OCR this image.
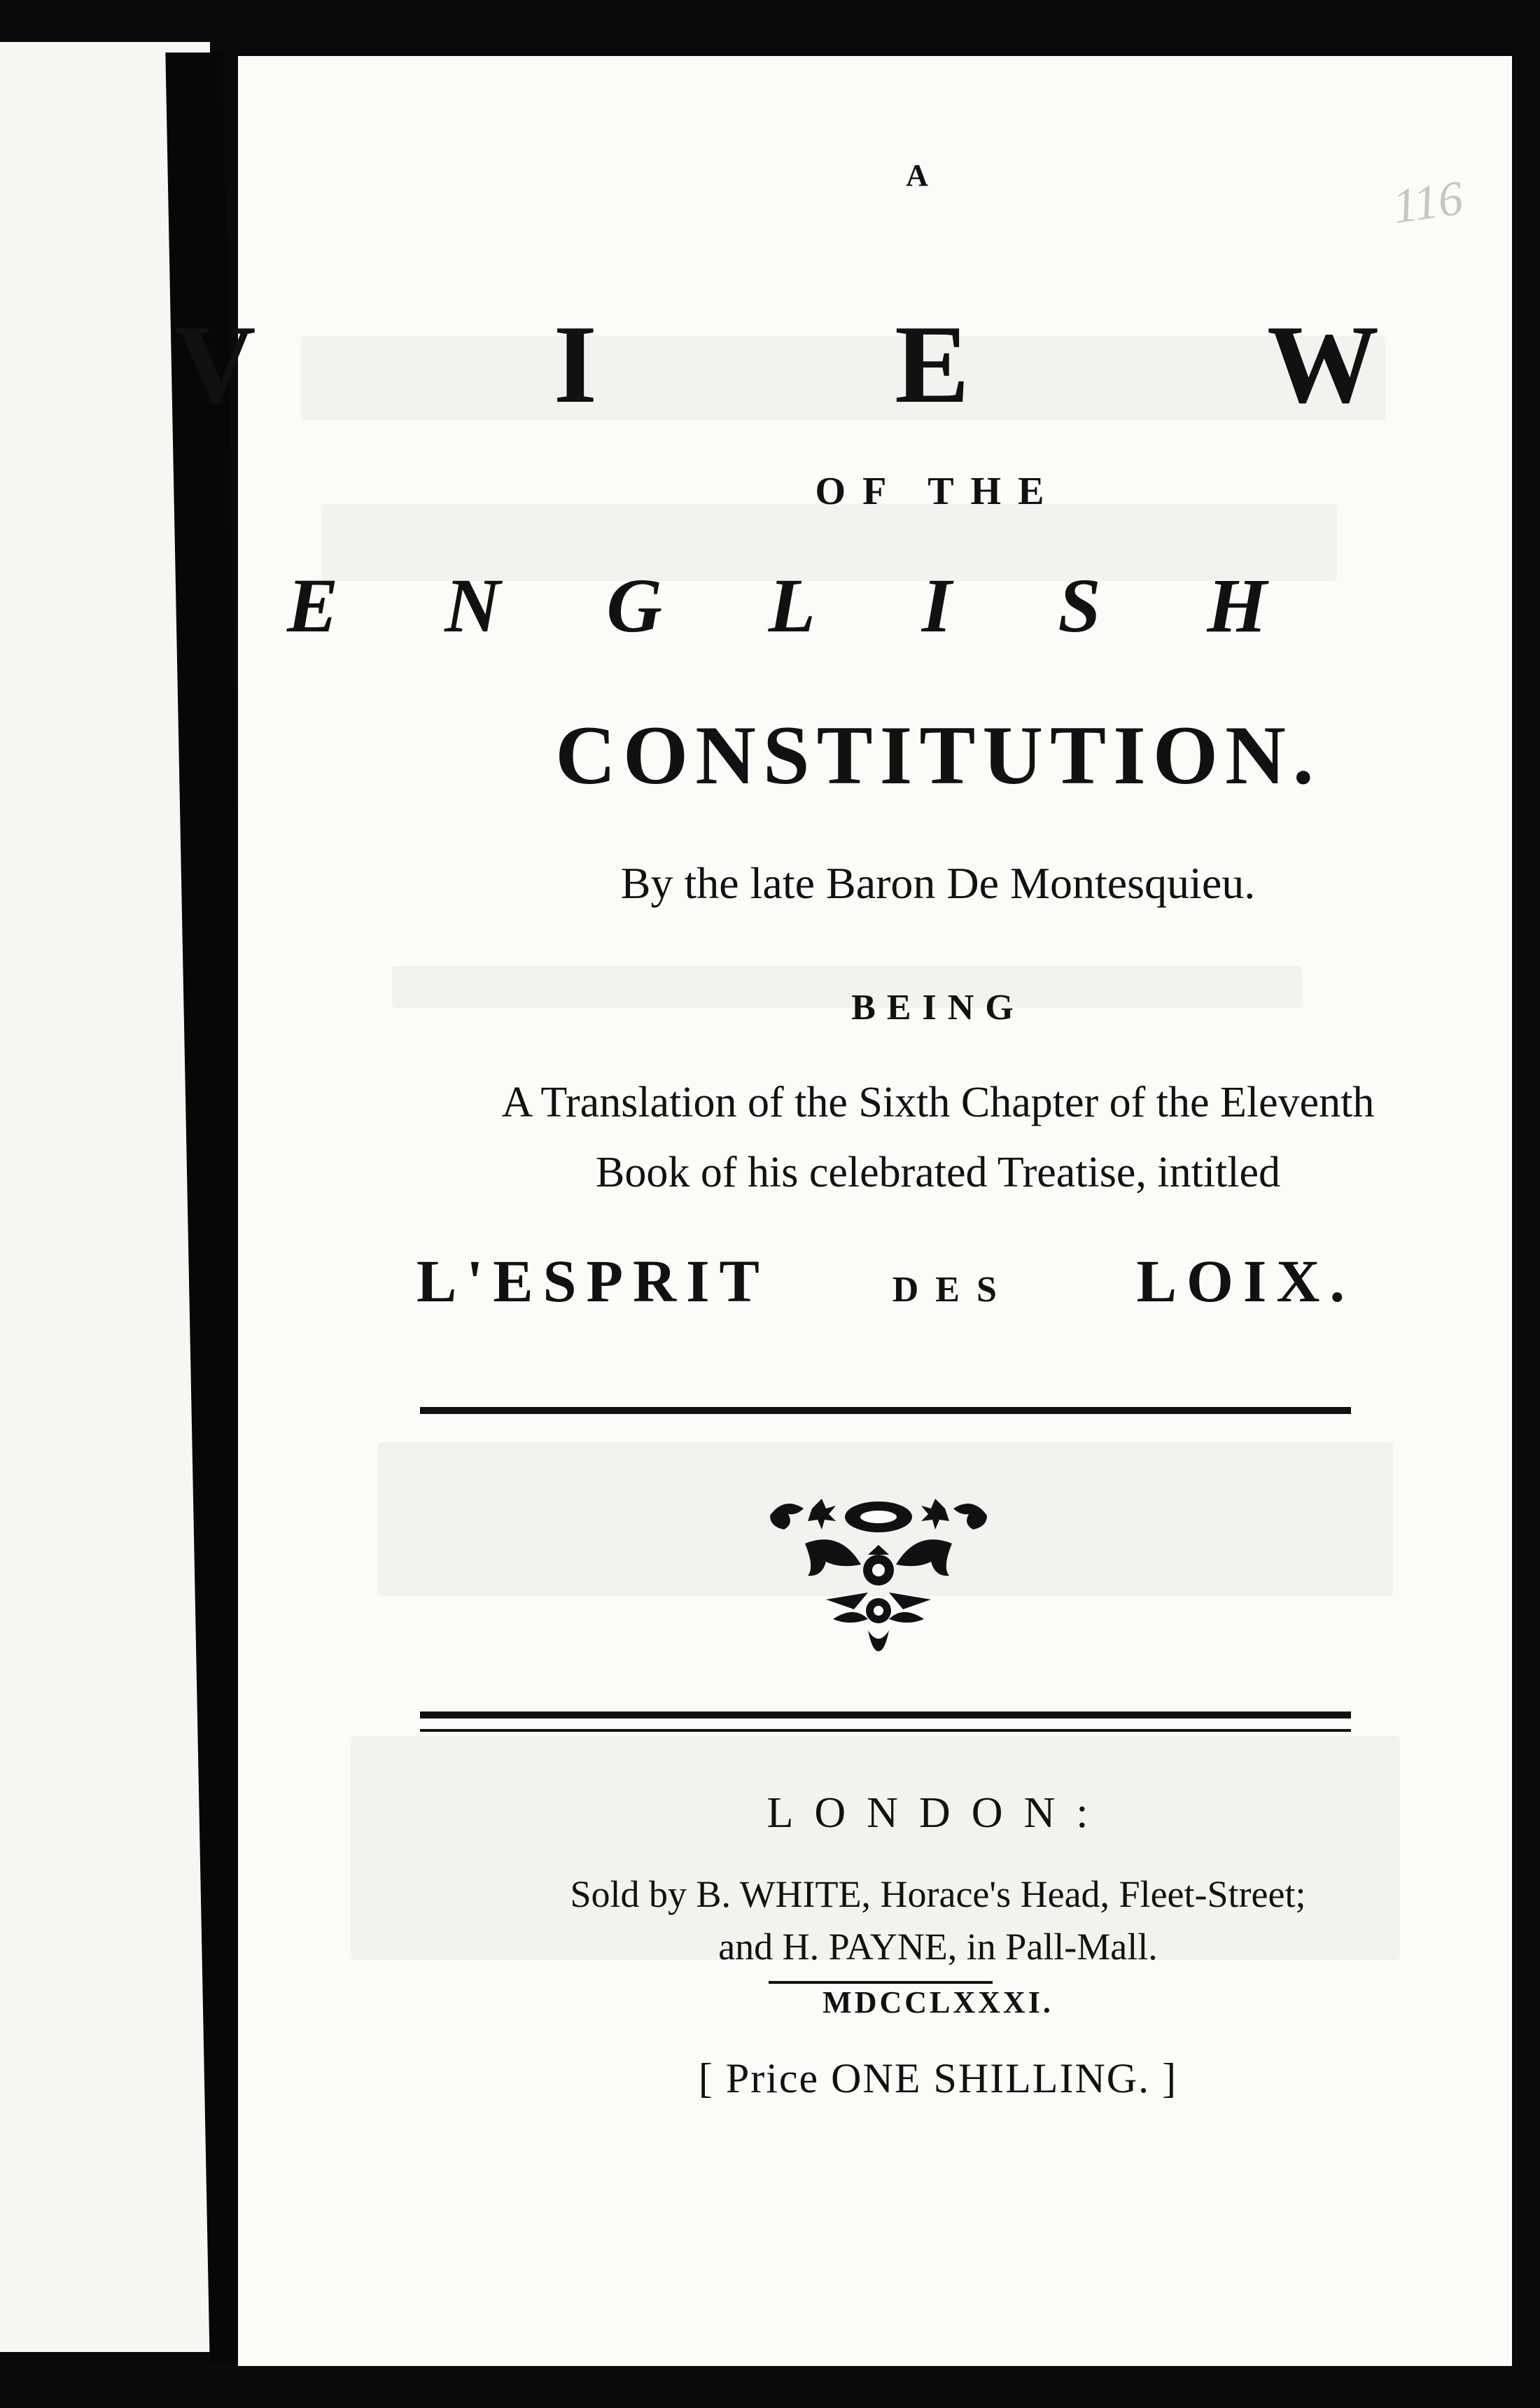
116

A

V	I	E	W

OF THE

E N G L I S H

CONSTITUTION.

By the late Baron De Montesquieu.

BEING

A Translation of the Sixth Chapter of the Eleventh

Book of his celebrated Treatise, intitled

L'ESPRIT	DES LOIX.

LONDON:

Sold by B. WHITE, Horace's Head, Fleet-Street;

and H. PAYNE, in Pall-Mall.

MDCCLXXXI.

[ Price ONE SHILLING. ]
